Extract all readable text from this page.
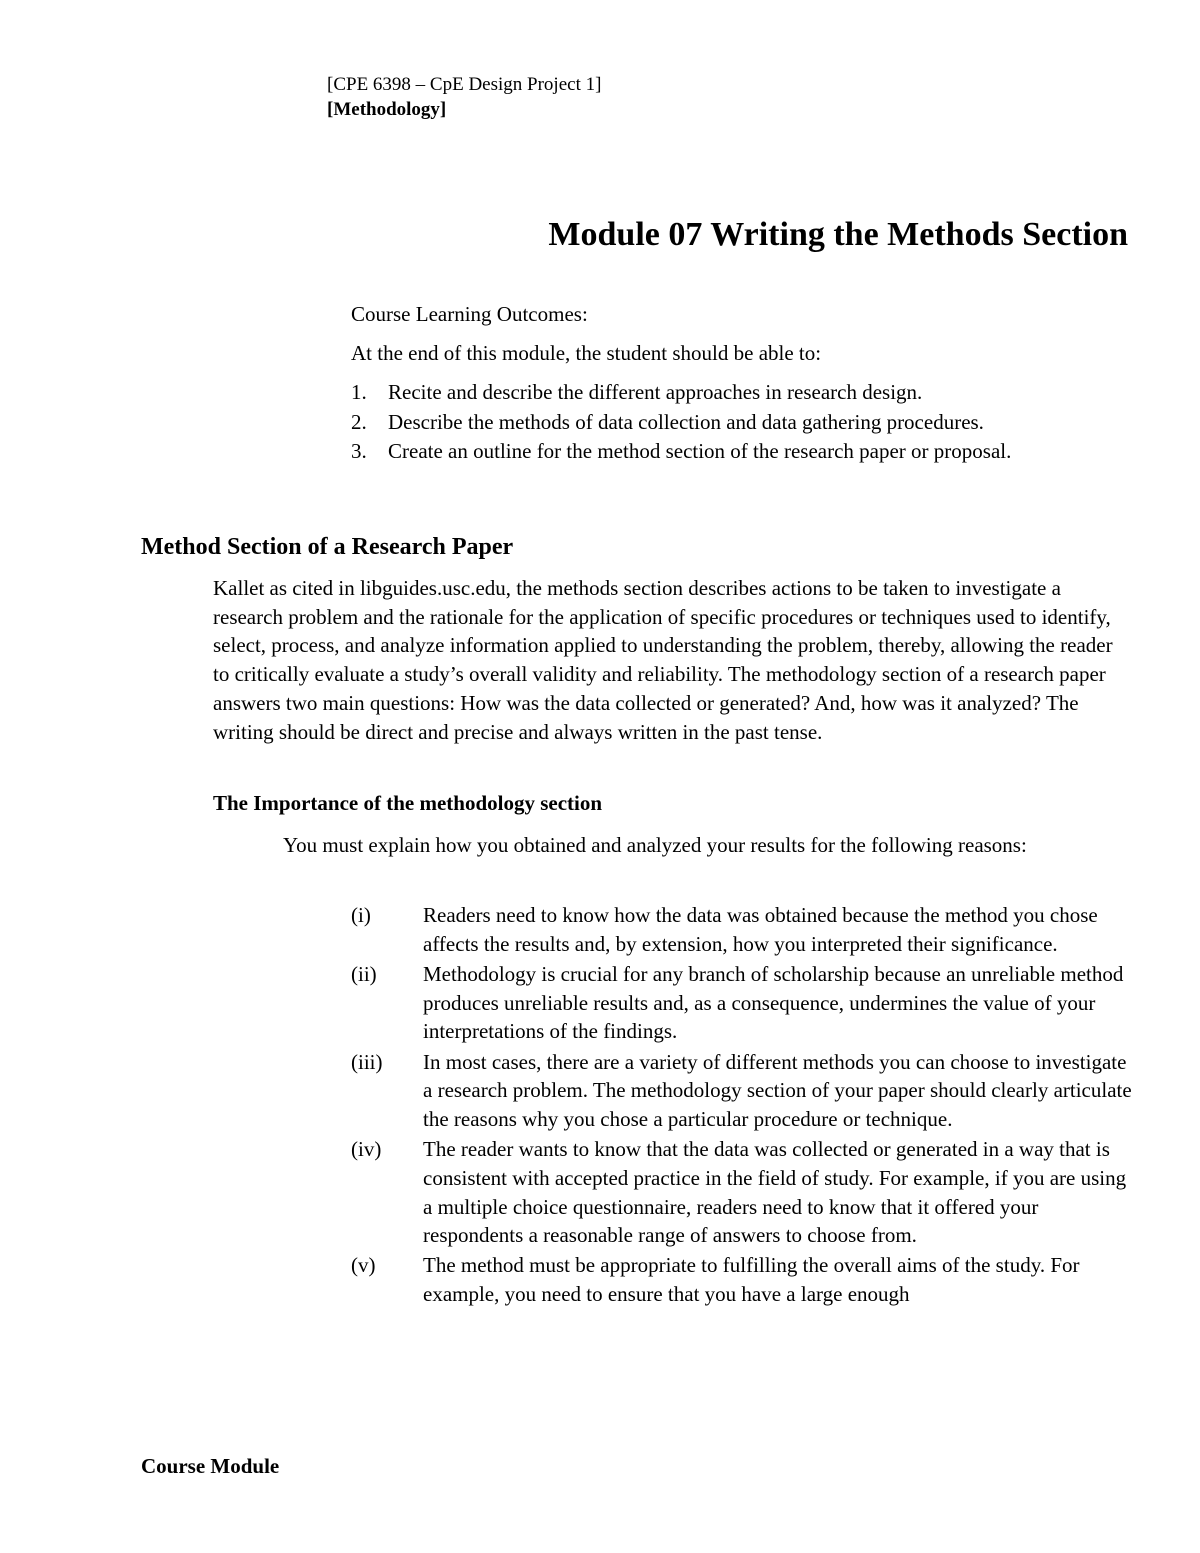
[CPE 6398 – CpE Design Project 1]
[Methodology]
Module 07 Writing the Methods Section

Course Learning Outcomes:

At the end of this module, the student should be able to:

1.	Recite and describe the different approaches in research design.
2.	Describe the methods of data collection and data gathering procedures.
3.	Create an outline for the method section of the research paper or proposal.
Method Section of a Research Paper

Kallet as cited in libguides.usc.edu, the methods section describes actions to be taken to investigate a research problem and the rationale for the application of specific procedures or techniques used to identify, select, process, and analyze information applied to understanding the problem, thereby, allowing the reader to critically evaluate a study’s overall validity and reliability. The methodology section of a research paper answers two main questions: How was the data collected or generated? And, how was it analyzed? The writing should be direct and precise and always written in the past tense.

The Importance of the methodology section

You must explain how you obtained and analyzed your results for the following reasons:

(i)	Readers need to know how the data was obtained because the method you chose affects the results and, by extension, how you interpreted their significance.
(ii)	Methodology is crucial for any branch of scholarship because an unreliable method produces unreliable results and, as a consequence, undermines the value of your interpretations of the findings.
(iii)	In most cases, there are a variety of different methods you can choose to investigate a research problem. The methodology section of your paper should clearly articulate the reasons why you chose a particular procedure or technique.
(iv)	The reader wants to know that the data was collected or generated in a way that is consistent with accepted practice in the field of study. For example, if you are using a multiple choice questionnaire, readers need to know that it offered your respondents a reasonable range of answers to choose from.
(v)	The method must be appropriate to fulfilling the overall aims of the study. For example, you need to ensure that you have a large enough
Course Module
